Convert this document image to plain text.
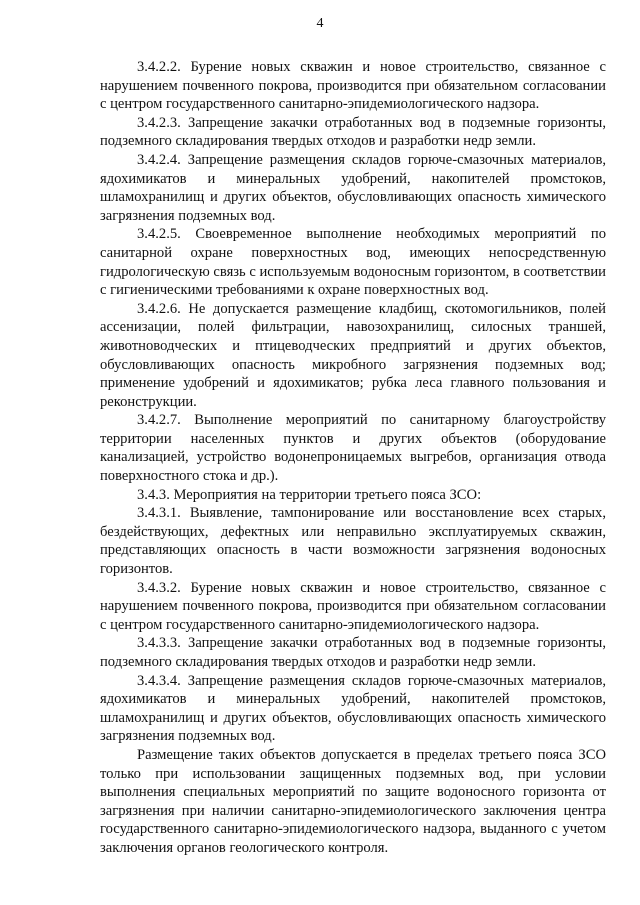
4

3.4.2.2. Бурение новых скважин и новое строительство, связанное с нарушением почвенного покрова, производится при обязательном согласовании с центром государственного санитарно-эпидемиологического надзора.

3.4.2.3. Запрещение закачки отработанных вод в подземные горизонты, подземного складирования твердых отходов и разработки недр земли.

3.4.2.4. Запрещение размещения складов горюче-смазочных материалов, ядохимикатов и минеральных удобрений, накопителей промстоков, шламохранилищ и других объектов, обусловливающих опасность химического загрязнения подземных вод.

3.4.2.5. Своевременное выполнение необходимых мероприятий по санитарной охране поверхностных вод, имеющих непосредственную гидрологическую связь с используемым водоносным горизонтом, в соответствии с гигиеническими требованиями к охране поверхностных вод.

3.4.2.6. Не допускается размещение кладбищ, скотомогильников, полей ассенизации, полей фильтрации, навозохранилищ, силосных траншей, животноводческих и птицеводческих предприятий и других объектов, обусловливающих опасность микробного загрязнения подземных вод; применение удобрений и ядохимикатов; рубка леса главного пользования и реконструкции.

3.4.2.7. Выполнение мероприятий по санитарному благоустройству территории населенных пунктов и других объектов (оборудование канализацией, устройство водонепроницаемых выгребов, организация отвода поверхностного стока и др.).

3.4.3. Мероприятия на территории третьего пояса ЗСО:

3.4.3.1. Выявление, тампонирование или восстановление всех старых, бездействующих, дефектных или неправильно эксплуатируемых скважин, представляющих опасность в части возможности загрязнения водоносных горизонтов.

3.4.3.2. Бурение новых скважин и новое строительство, связанное с нарушением почвенного покрова, производится при обязательном согласовании с центром государственного санитарно-эпидемиологического надзора.

3.4.3.3. Запрещение закачки отработанных вод в подземные горизонты, подземного складирования твердых отходов и разработки недр земли.

3.4.3.4. Запрещение размещения складов горюче-смазочных материалов, ядохимикатов и минеральных удобрений, накопителей промстоков, шламохранилищ и других объектов, обусловливающих опасность химического загрязнения подземных вод.

Размещение таких объектов допускается в пределах третьего пояса ЗСО только при использовании защищенных подземных вод, при условии выполнения специальных мероприятий по защите водоносного горизонта от загрязнения при наличии санитарно-эпидемиологического заключения центра государственного санитарно-эпидемиологического надзора, выданного с учетом заключения органов геологического контроля.
